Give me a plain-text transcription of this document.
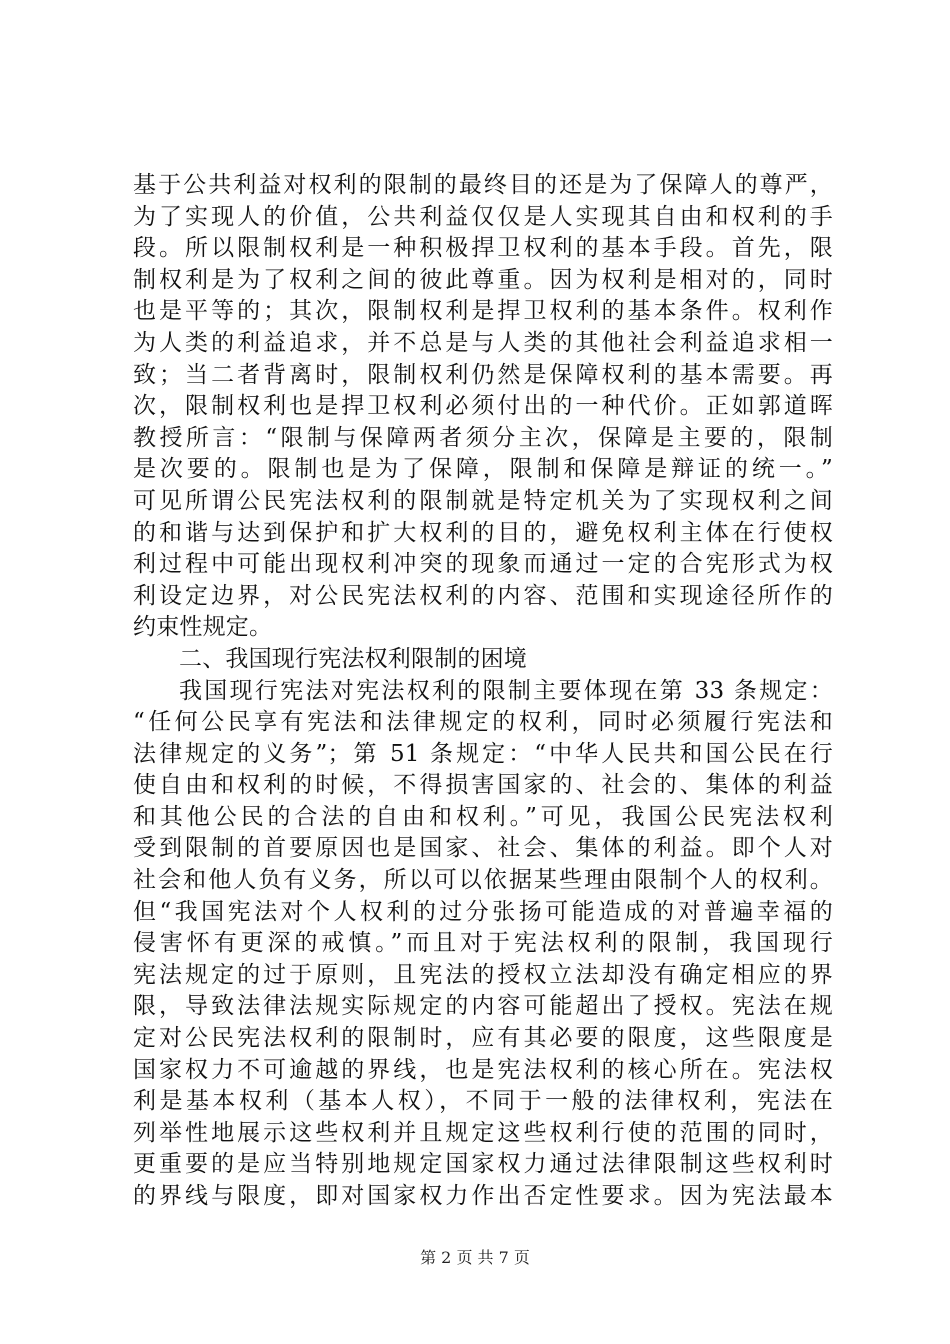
基于公共利益对权利的限制的最终目的还是为了保障人的尊严，
为了实现人的价值，公共利益仅仅是人实现其自由和权利的手
段。所以限制权利是一种积极捍卫权利的基本手段。首先，限
制权利是为了权利之间的彼此尊重。因为权利是相对的，同时
也是平等的；其次，限制权利是捍卫权利的基本条件。权利作
为人类的利益追求，并不总是与人类的其他社会利益追求相一
致；当二者背离时，限制权利仍然是保障权利的基本需要。再
次，限制权利也是捍卫权利必须付出的一种代价。正如郭道晖
教授所言：“限制与保障两者须分主次，保障是主要的，限制
是次要的。限制也是为了保障，限制和保障是辩证的统一。”
可见所谓公民宪法权利的限制就是特定机关为了实现权利之间
的和谐与达到保护和扩大权利的目的，避免权利主体在行使权
利过程中可能出现权利冲突的现象而通过一定的合宪形式为权
利设定边界，对公民宪法权利的内容、范围和实现途径所作的
约束性规定。
二、我国现行宪法权利限制的困境
我国现行宪法对宪法权利的限制主要体现在第 33 条规定：
“任何公民享有宪法和法律规定的权利，同时必须履行宪法和
法律规定的义务”；第 51 条规定：“中华人民共和国公民在行
使自由和权利的时候，不得损害国家的、社会的、集体的利益
和其他公民的合法的自由和权利。”可见，我国公民宪法权利
受到限制的首要原因也是国家、社会、集体的利益。即个人对
社会和他人负有义务，所以可以依据某些理由限制个人的权利。
但“我国宪法对个人权利的过分张扬可能造成的对普遍幸福的
侵害怀有更深的戒慎。”而且对于宪法权利的限制，我国现行
宪法规定的过于原则，且宪法的授权立法却没有确定相应的界
限，导致法律法规实际规定的内容可能超出了授权。宪法在规
定对公民宪法权利的限制时，应有其必要的限度，这些限度是
国家权力不可逾越的界线，也是宪法权利的核心所在。宪法权
利是基本权利（基本人权），不同于一般的法律权利，宪法在
列举性地展示这些权利并且规定这些权利行使的范围的同时，
更重要的是应当特别地规定国家权力通过法律限制这些权利时
的界线与限度，即对国家权力作出否定性要求。因为宪法最本
第 2 页 共 7 页
